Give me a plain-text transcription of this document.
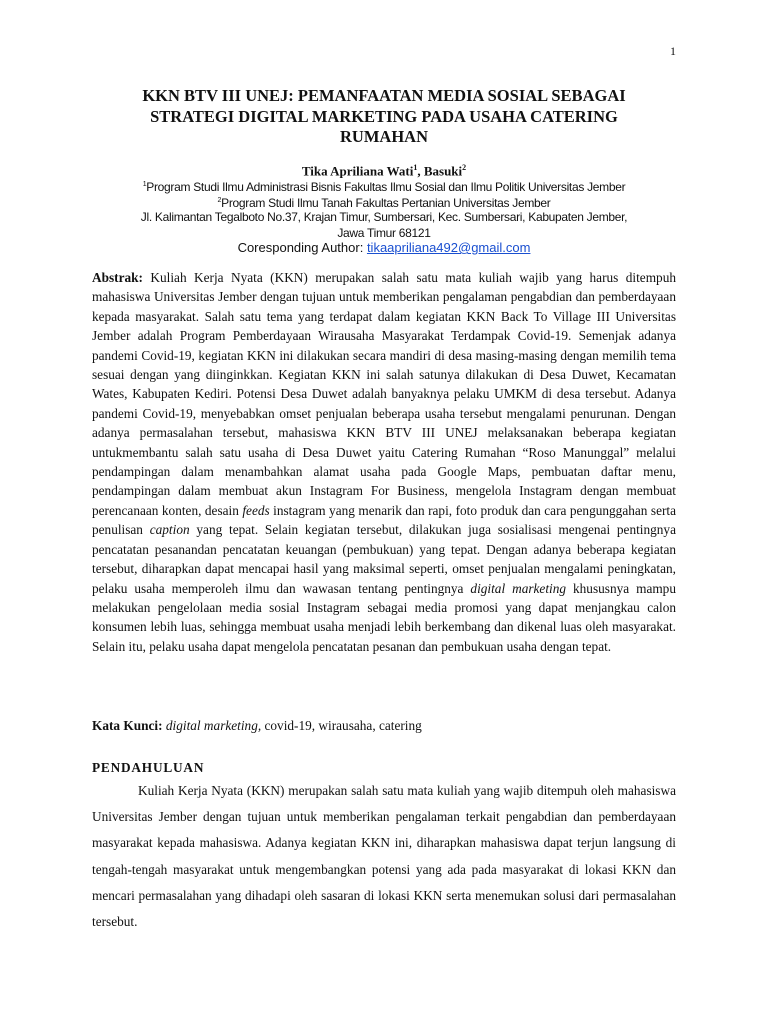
1
KKN BTV III UNEJ: PEMANFAATAN MEDIA SOSIAL SEBAGAI
STRATEGI DIGITAL MARKETING PADA USAHA CATERING
RUMAHAN
Tika Apriliana Wati$^1$, Basuki$^2$
$^1$Program Studi Ilmu Administrasi Bisnis Fakultas Ilmu Sosial dan Ilmu Politik Universitas Jember
$^2$Program Studi Ilmu Tanah Fakultas Pertanian Universitas Jember
Jl. Kalimantan Tegalboto No.37, Krajan Timur, Sumbersari, Kec. Sumbersari, Kabupaten Jember,
Jawa Timur 68121
Coresponding Author: tikaapriliana492@gmail.com

Abstrak: Kuliah Kerja Nyata (KKN) merupakan salah satu mata kuliah wajib yang harus ditempuh mahasiswa Universitas Jember dengan tujuan untuk memberikan pengalaman pengabdian dan pemberdayaan kepada masyarakat. Salah satu tema yang terdapat dalam kegiatan KKN Back To Village III Universitas Jember adalah Program Pemberdayaan Wirausaha Masyarakat Terdampak Covid-19. Semenjak adanya pandemi Covid-19, kegiatan KKN ini dilakukan secara mandiri di desa masing-masing dengan memilih tema sesuai dengan yang diinginkkan. Kegiatan KKN ini salah satunya dilakukan di Desa Duwet, Kecamatan Wates, Kabupaten Kediri. Potensi Desa Duwet adalah banyaknya pelaku UMKM di desa tersebut. Adanya pandemi Covid-19, menyebabkan omset penjualan beberapa usaha tersebut mengalami penurunan. Dengan adanya permasalahan tersebut, mahasiswa KKN BTV III UNEJ melaksanakan beberapa kegiatan untukmembantu salah satu usaha di Desa Duwet yaitu Catering Rumahan “Roso Manunggal” melalui pendampingan dalam menambahkan alamat usaha pada Google Maps, pembuatan daftar menu, pendampingan dalam membuat akun Instagram For Business, mengelola Instagram dengan membuat perencanaan konten, desain feeds instagram yang menarik dan rapi, foto produk dan cara pengunggahan serta penulisan caption yang tepat. Selain kegiatan tersebut, dilakukan juga sosialisasi mengenai pentingnya pencatatan pesanandan pencatatan keuangan (pembukuan) yang tepat. Dengan adanya beberapa kegiatan tersebut, diharapkan dapat mencapai hasil yang maksimal seperti, omset penjualan mengalami peningkatan, pelaku usaha memperoleh ilmu dan wawasan tentang pentingnya digital marketing khususnya mampu melakukan pengelolaan media sosial Instagram sebagai media promosi yang dapat menjangkau calon konsumen lebih luas, sehingga membuat usaha menjadi lebih berkembang dan dikenal luas oleh masyarakat. Selain itu, pelaku usaha dapat mengelola pencatatan pesanan dan pembukuan usaha dengan tepat.

Kata Kunci: digital marketing, covid-19, wirausaha, catering
PENDAHULUAN

Kuliah Kerja Nyata (KKN) merupakan salah satu mata kuliah yang wajib ditempuh oleh mahasiswa Universitas Jember dengan tujuan untuk memberikan pengalaman terkait pengabdian dan pemberdayaan masyarakat kepada mahasiswa. Adanya kegiatan KKN ini, diharapkan mahasiswa dapat terjun langsung di tengah-tengah masyarakat untuk mengembangkan potensi yang ada pada masyarakat di lokasi KKN dan mencari permasalahan yang dihadapi oleh sasaran di lokasi KKN serta menemukan solusi dari permasalahan tersebut.
